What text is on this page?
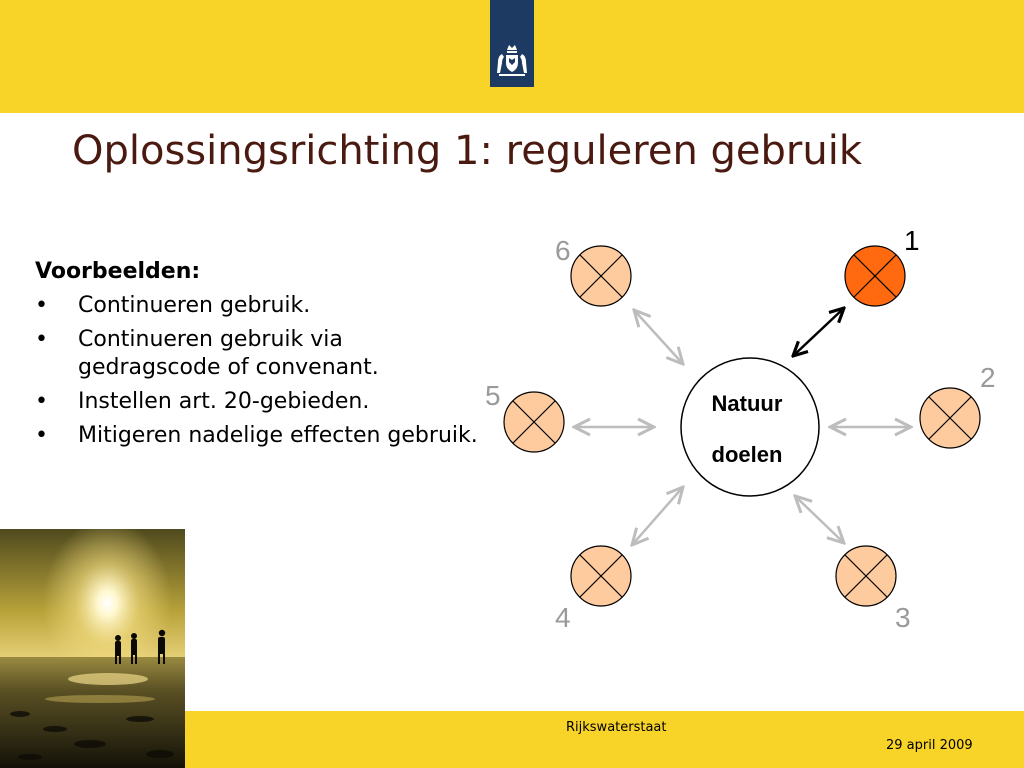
Oplossingsrichting 1: reguleren gebruik
Voorbeelden:
• Continueren gebruik.
• Continueren gebruik via gedragscode of convenant.
• Instellen art. 20-gebieden.
• Mitigeren nadelige effecten gebruik.
Natuur
doelen
6	1
5
2
4	3
Rijkswaterstaat
29 april 2009
